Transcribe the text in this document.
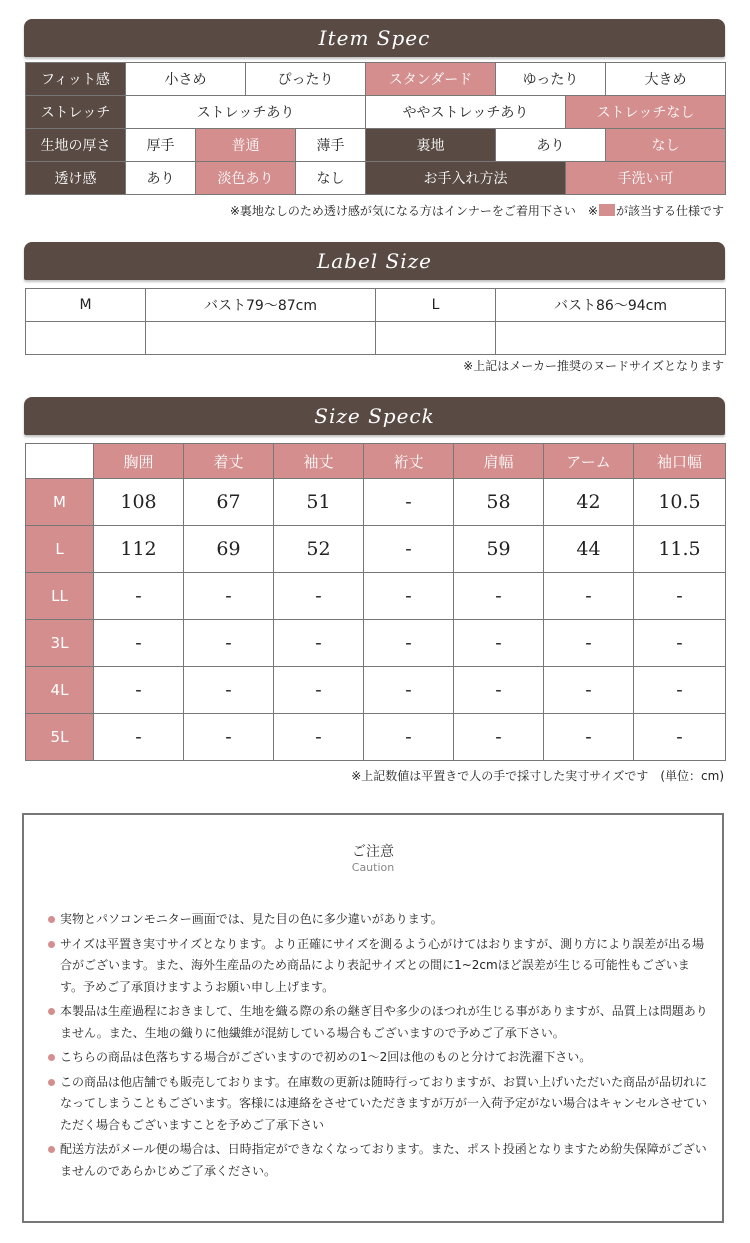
Item Spec
フィット感	小さめ		ぴったり		スタンダード	ゆったり		大きめ	
ストレッチ	ストレッチあり				ややストレッチあり		ストレッチなし		
生地の厚さ	厚手	普通		薄手	裏地	あり		なし	
透け感	あり	淡色あり		なし	お手入れ方法		手洗い可	
※裏地なしのため透け感が気になる方はインナーをご着用下さい　※ が該当する仕様です
Label Size
M	バスト79～87cm	L	バスト86～94cm

※上記はメーカー推奨のヌードサイズとなります
Size Speck
	胸囲	着丈	袖丈	裄丈	肩幅	アーム	袖口幅
M	108	67	51	-	58	42	10.5
L	112	69	52	-	59	44	11.5
LL	-	-	-	-	-	-	-
3L	-	-	-	-	-	-	-
4L	-	-	-	-	-	-	-
5L	-	-	-	-	-	-	-
※上記数値は平置きで人の手で採寸した実寸サイズです　(単位：cm)
ご注意
Caution
実物とパソコンモニター画面では、見た目の色に多少違いがあります。
サイズは平置き実寸サイズとなります。より正確にサイズを測るよう心がけてはおりますが、測り方により誤差が出る場合がございます。また、海外生産品のため商品により表記サイズとの間に1~2cmほど誤差が生じる可能性もございます。予めご了承頂けますようお願い申し上げます。
本製品は生産過程におきまして、生地を織る際の糸の継ぎ目や多少のほつれが生じる事がありますが、品質上は問題ありません。また、生地の織りに他繊維が混紡している場合もございますので予めご了承下さい。
こちらの商品は色落ちする場合がございますので初めの1～2回は他のものと分けてお洗濯下さい。
この商品は他店舗でも販売しております。在庫数の更新は随時行っておりますが、お買い上げいただいた商品が品切れになってしまうこともございます。客様には連絡をさせていただきますが万が一入荷予定がない場合はキャンセルさせていただく場合もございますことを予めご了承下さい
配送方法がメール便の場合は、日時指定ができなくなっております。また、ポスト投函となりますため紛失保障がございませんのであらかじめご了承ください。
